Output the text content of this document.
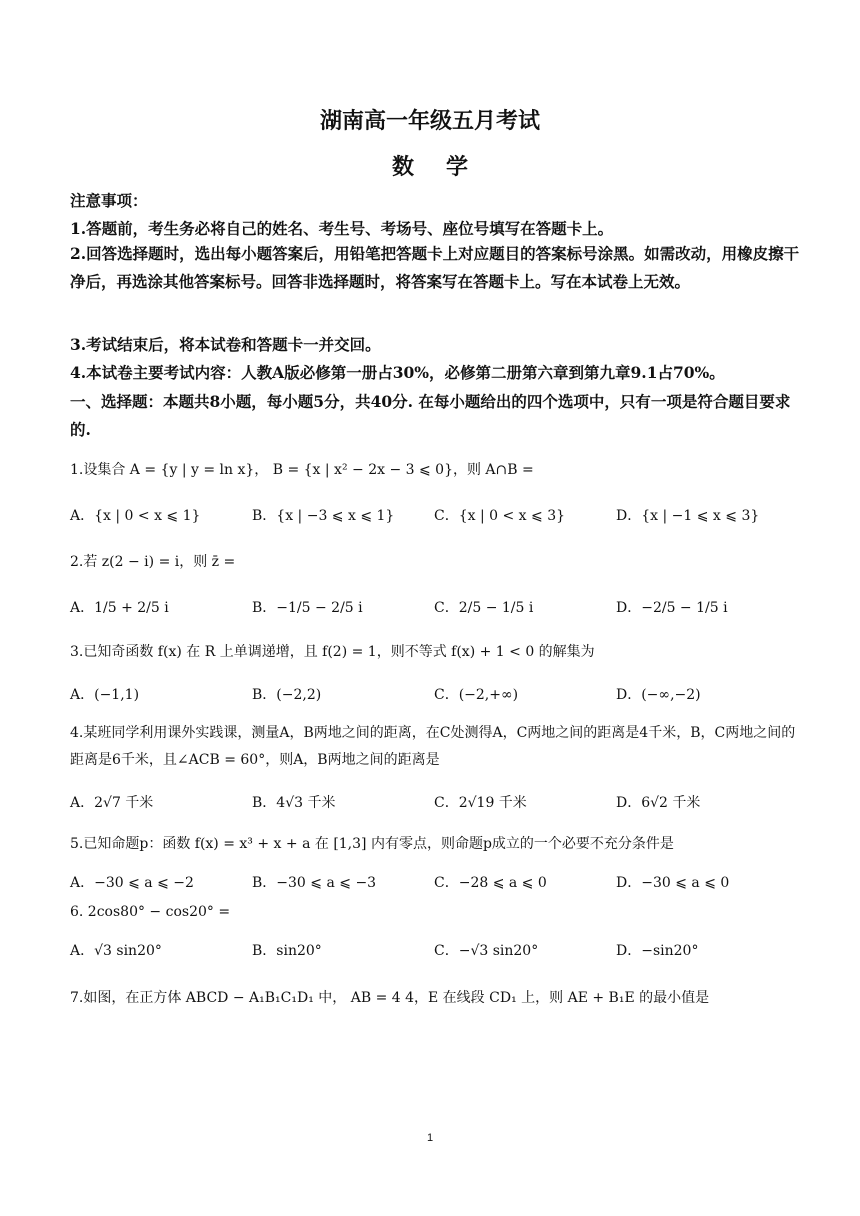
湖南高一年级五月考试
数学
注意事项：
1.答题前，考生务必将自己的姓名、考生号、考场号、座位号填写在答题卡上。
2.回答选择题时，选出每小题答案后，用铅笔把答题卡上对应题目的答案标号涂黑。如需改动，用橡皮擦干净后，再选涂其他答案标号。回答非选择题时，将答案写在答题卡上。写在本试卷上无效。
3.考试结束后，将本试卷和答题卡一并交回。
4.本试卷主要考试内容：人教A版必修第一册占30%，必修第二册第六章到第九章9.1占70%。
一、选择题：本题共8小题，每小题5分，共40分. 在每小题给出的四个选项中，只有一项是符合题目要求的.
1.设集合 A = {y | y = ln x}， B = {x | x² − 2x − 3 ⩽ 0}，则 A∩B =
A．{x | 0 < x ⩽ 1}	B．{x | −3 ⩽ x ⩽ 1}	C．{x | 0 < x ⩽ 3}	D．{x | −1 ⩽ x ⩽ 3}
2.若 z(2 − i) = i，则 z̄ =
A．1/5 + 2/5 i	B．−1/5 − 2/5 i	C．2/5 − 1/5 i	D．−2/5 − 1/5 i
3.已知奇函数 f(x) 在 R 上单调递增，且 f(2) = 1，则不等式 f(x) + 1 < 0 的解集为
A．(−1,1)	B．(−2,2)	C．(−2,+∞)	D．(−∞,−2)
4.某班同学利用课外实践课，测量A，B两地之间的距离，在C处测得A，C两地之间的距离是4千米，B，C两地之间的距离是6千米，且∠ACB = 60°，则A，B两地之间的距离是
A．2√7 千米	B．4√3 千米	C．2√19 千米	D．6√2 千米
5.已知命题p：函数 f(x) = x³ + x + a 在 [1,3] 内有零点，则命题p成立的一个必要不充分条件是
A．−30 ⩽ a ⩽ −2	B．−30 ⩽ a ⩽ −3	C．−28 ⩽ a ⩽ 0	D．−30 ⩽ a ⩽ 0
6. 2cos80° − cos20° =
A．√3 sin20°	B．sin20°	C．−√3 sin20°	D．−sin20°
7.如图，在正方体 ABCD − A₁B₁C₁D₁ 中， AB = 4 4，E 在线段 CD₁ 上，则 AE + B₁E 的最小值是
1
